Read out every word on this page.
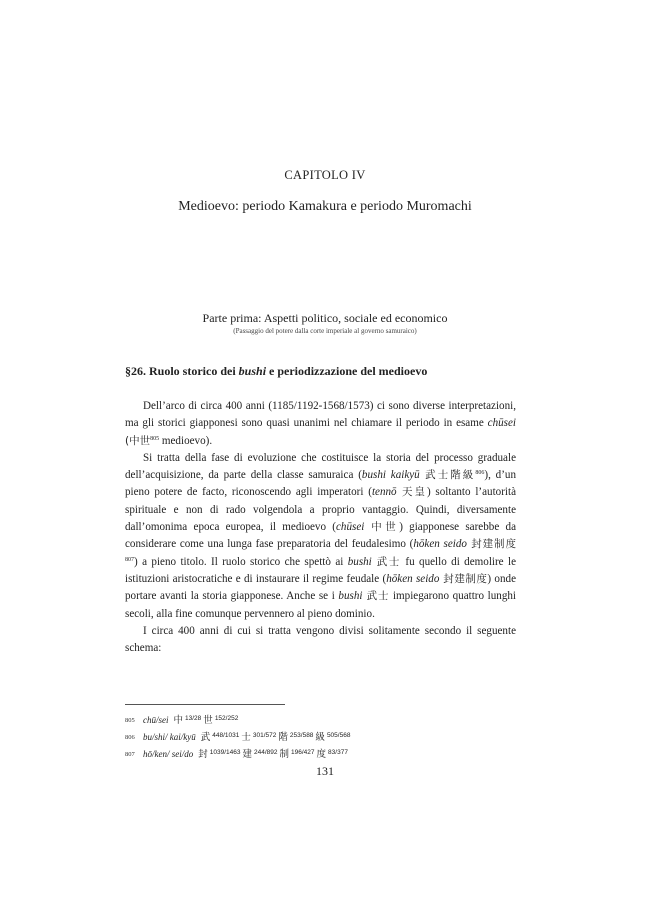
CAPITOLO IV
Medioevo: periodo Kamakura e periodo Muromachi
Parte prima: Aspetti politico, sociale ed economico
(Passaggio del potere dalla corte imperiale al governo samuraico)
§26. Ruolo storico dei bushi e periodizzazione del medioevo

Dell’arco di circa 400 anni (1185/1192-1568/1573) ci sono diverse interpretazioni, ma gli storici giapponesi sono quasi unanimi nel chiamare il periodo in esame chūsei (中世$^{805}$ medioevo).

Si tratta della fase di evoluzione che costituisce la storia del processo graduale dell’acquisizione, da parte della classe samuraica (bushi kaikyū 武士階級$^{806}$), d’un pieno potere de facto, riconoscendo agli imperatori (tennō 天皇) soltanto l’autorità spirituale e non di rado volgendola a proprio vantaggio. Quindi, diversamente dall’omonima epoca europea, il medioevo (chūsei 中世) giapponese sarebbe da considerare come una lunga fase preparatoria del feudalesimo (hōken seido 封建制度$^{807}$) a pieno titolo. Il ruolo storico che spettò ai bushi 武士 fu quello di demolire le istituzioni aristocratiche e di instaurare il regime feudale (hōken seido 封建制度) onde portare avanti la storia giapponese. Anche se i bushi 武士 impiegarono quattro lunghi secoli, alla fine comunque pervennero al pieno dominio.

I circa 400 anni di cui si tratta vengono divisi solitamente secondo il seguente schema:

805 chū/sei 中 $^{13/28}$ 世 $^{152/252}$
806 bu/shi/ kai/kyū 武 $^{448/1031}$ 士 $^{301/572}$ 階 $^{253/588}$ 級 $^{505/568}$
807 hō/ken/ sei/do 封 $^{1039/1463}$ 建 $^{244/892}$ 制 $^{196/427}$ 度 $^{83/377}$
131
